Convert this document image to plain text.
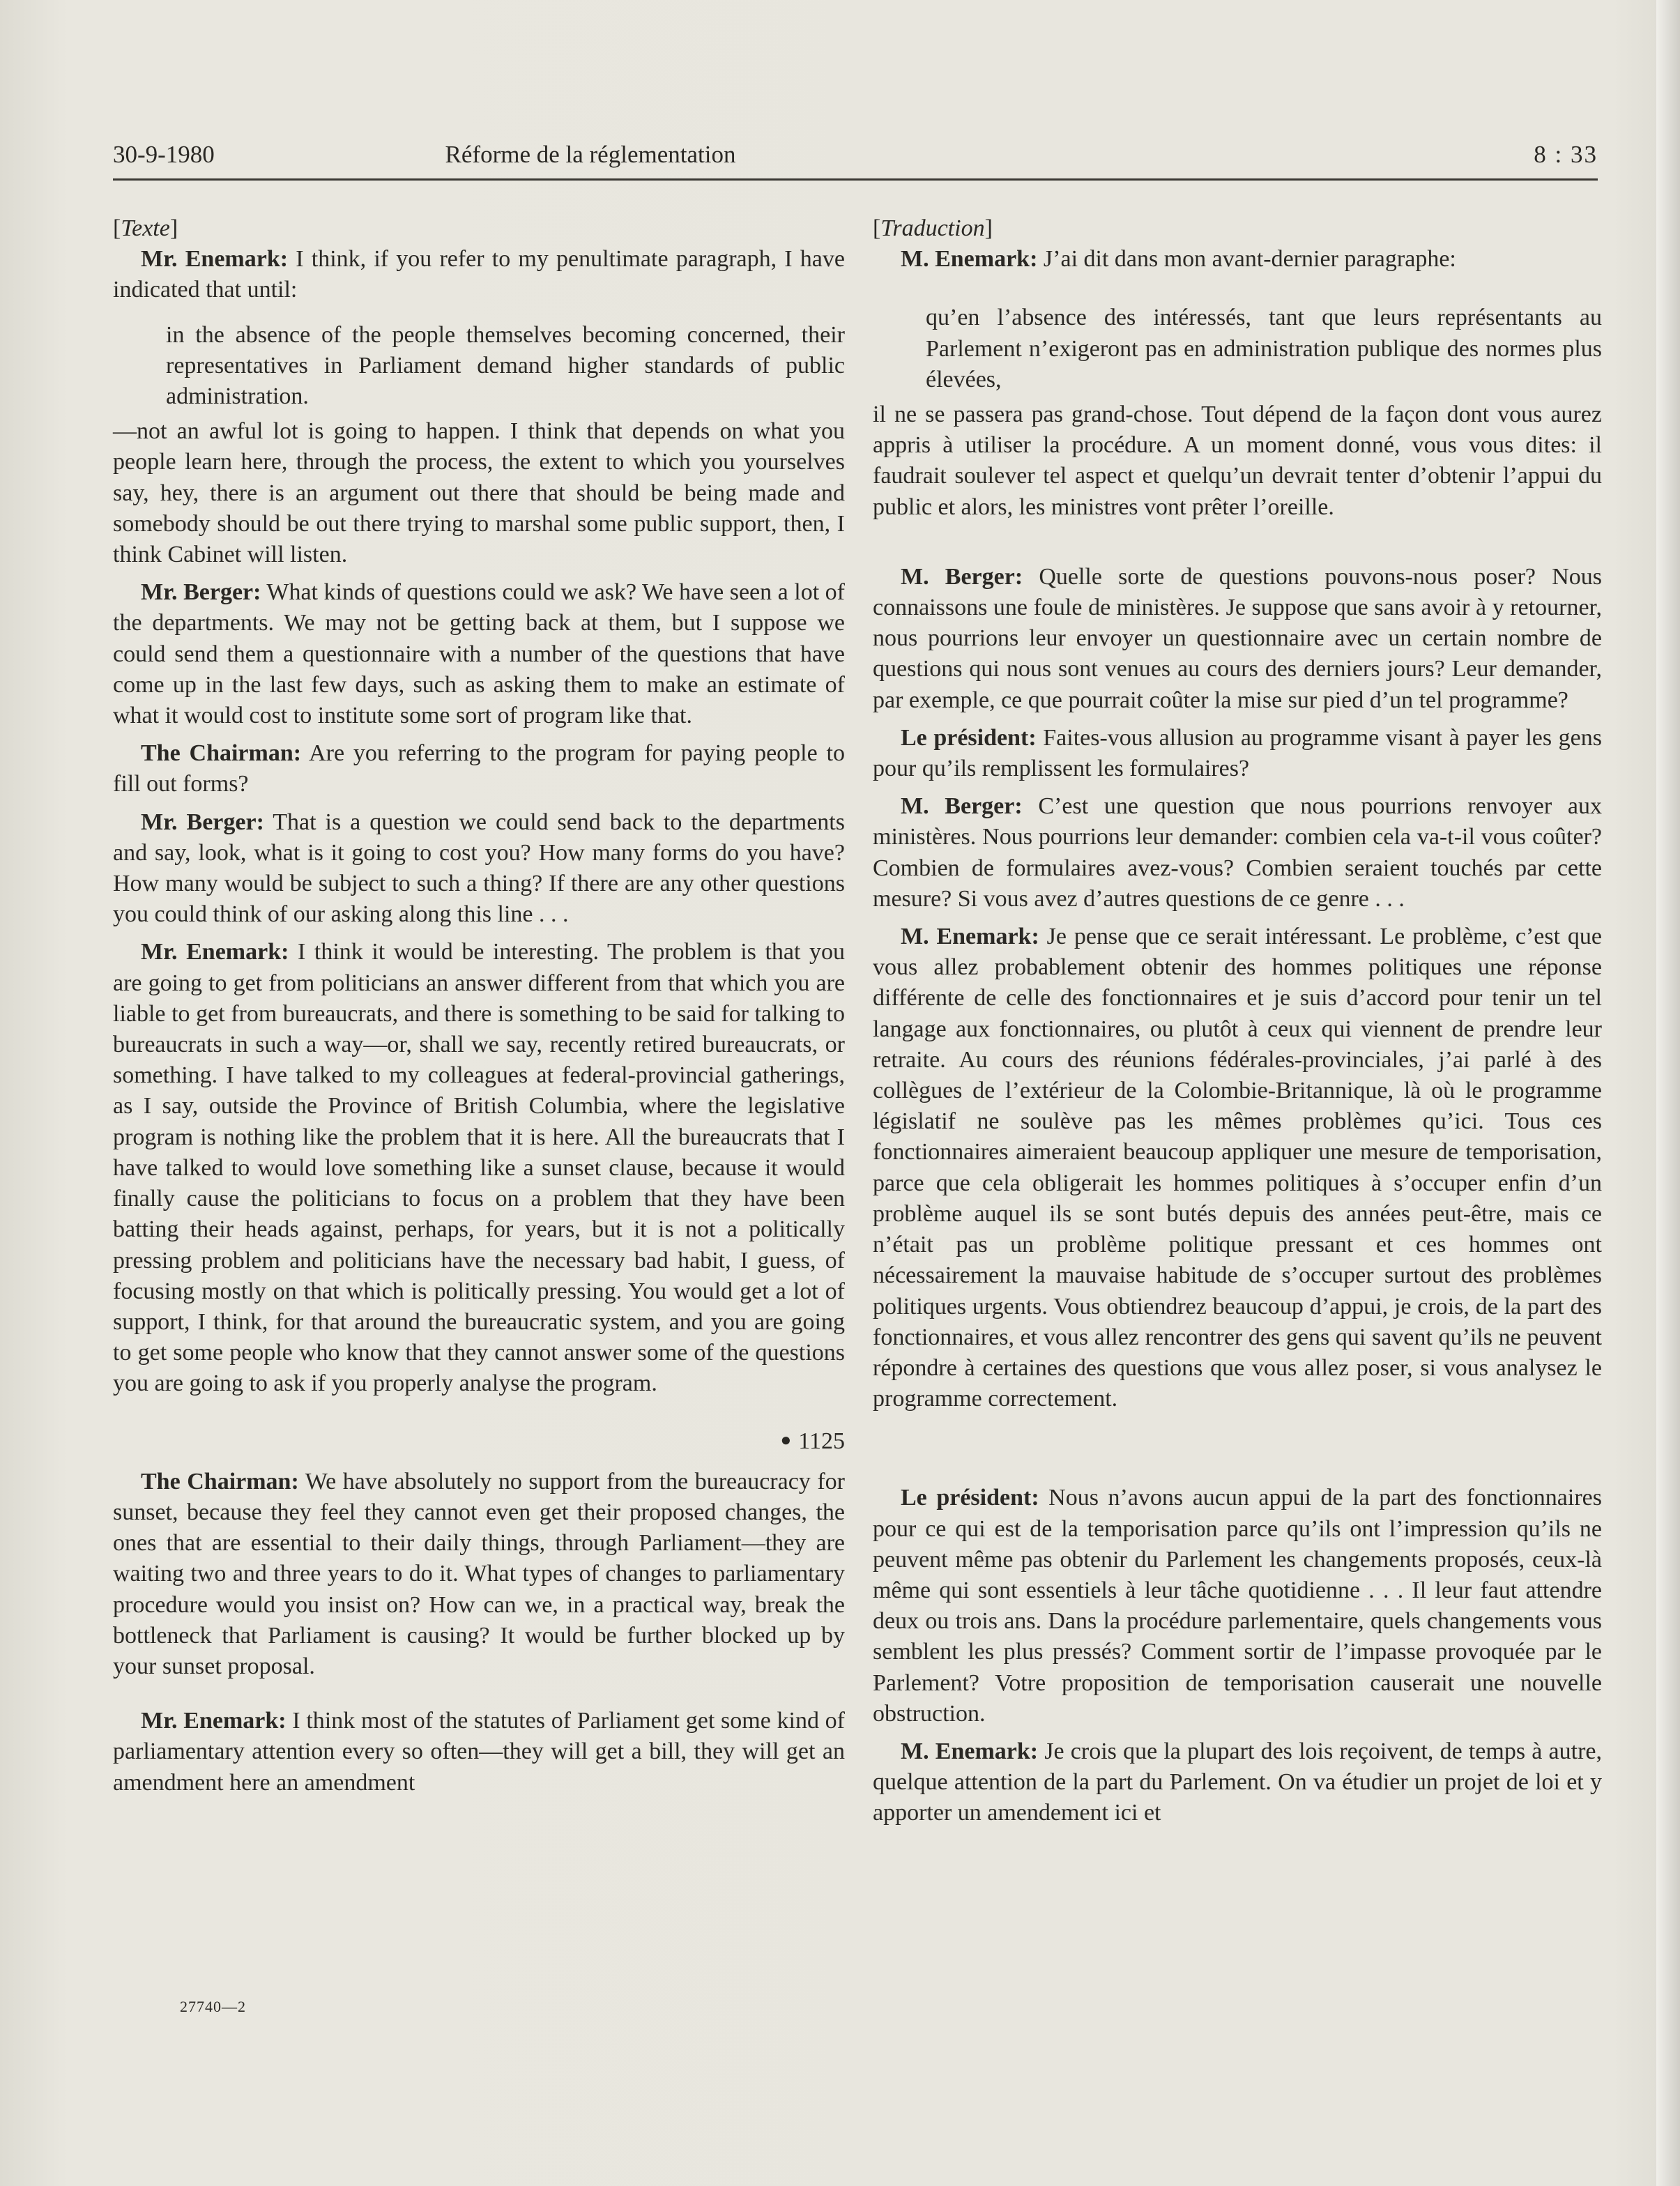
30-9-1980	Réforme de la réglementation	8 : 33
[Texte]

Mr. Enemark: I think, if you refer to my penultimate paragraph, I have indicated that until:

in the absence of the people themselves becoming concerned, their representatives in Parliament demand higher standards of public administration.

—not an awful lot is going to happen. I think that depends on what you people learn here, through the process, the extent to which you yourselves say, hey, there is an argument out there that should be being made and somebody should be out there trying to marshal some public support, then, I think Cabinet will listen.

Mr. Berger: What kinds of questions could we ask? We have seen a lot of the departments. We may not be getting back at them, but I suppose we could send them a questionnaire with a number of the questions that have come up in the last few days, such as asking them to make an estimate of what it would cost to institute some sort of program like that.

The Chairman: Are you referring to the program for paying people to fill out forms?

Mr. Berger: That is a question we could send back to the departments and say, look, what is it going to cost you? How many forms do you have? How many would be subject to such a thing? If there are any other questions you could think of our asking along this line . . .

Mr. Enemark: I think it would be interesting. The problem is that you are going to get from politicians an answer different from that which you are liable to get from bureaucrats, and there is something to be said for talking to bureaucrats in such a way—or, shall we say, recently retired bureaucrats, or something. I have talked to my colleagues at federal-provincial gatherings, as I say, outside the Province of British Columbia, where the legislative program is nothing like the problem that it is here. All the bureaucrats that I have talked to would love something like a sunset clause, because it would finally cause the politicians to focus on a problem that they have been batting their heads against, perhaps, for years, but it is not a politically pressing problem and politicians have the necessary bad habit, I guess, of focusing mostly on that which is politically pressing. You would get a lot of support, I think, for that around the bureaucratic system, and you are going to get some people who know that they cannot answer some of the questions you are going to ask if you properly analyse the program.

● 1125

The Chairman: We have absolutely no support from the bureaucracy for sunset, because they feel they cannot even get their proposed changes, the ones that are essential to their daily things, through Parliament—they are waiting two and three years to do it. What types of changes to parliamentary procedure would you insist on? How can we, in a practical way, break the bottleneck that Parliament is causing? It would be further blocked up by your sunset proposal.

Mr. Enemark: I think most of the statutes of Parliament get some kind of parliamentary attention every so often—they will get a bill, they will get an amendment here an amendment

[Traduction]

M. Enemark: J’ai dit dans mon avant-dernier paragraphe:

qu’en l’absence des intéressés, tant que leurs représentants au Parlement n’exigeront pas en administration publique des normes plus élevées,

il ne se passera pas grand-chose. Tout dépend de la façon dont vous aurez appris à utiliser la procédure. A un moment donné, vous vous dites: il faudrait soulever tel aspect et quelqu’un devrait tenter d’obtenir l’appui du public et alors, les ministres vont prêter l’oreille.

M. Berger: Quelle sorte de questions pouvons-nous poser? Nous connaissons une foule de ministères. Je suppose que sans avoir à y retourner, nous pourrions leur envoyer un questionnaire avec un certain nombre de questions qui nous sont venues au cours des derniers jours? Leur demander, par exemple, ce que pourrait coûter la mise sur pied d’un tel programme?

Le président: Faites-vous allusion au programme visant à payer les gens pour qu’ils remplissent les formulaires?

M. Berger: C’est une question que nous pourrions renvoyer aux ministères. Nous pourrions leur demander: combien cela va-t-il vous coûter? Combien de formulaires avez-vous? Combien seraient touchés par cette mesure? Si vous avez d’autres questions de ce genre . . .

M. Enemark: Je pense que ce serait intéressant. Le problème, c’est que vous allez probablement obtenir des hommes politiques une réponse différente de celle des fonctionnaires et je suis d’accord pour tenir un tel langage aux fonctionnaires, ou plutôt à ceux qui viennent de prendre leur retraite. Au cours des réunions fédérales-provinciales, j’ai parlé à des collègues de l’extérieur de la Colombie-Britannique, là où le programme législatif ne soulève pas les mêmes problèmes qu’ici. Tous ces fonctionnaires aimeraient beaucoup appliquer une mesure de temporisation, parce que cela obligerait les hommes politiques à s’occuper enfin d’un problème auquel ils se sont butés depuis des années peut-être, mais ce n’était pas un problème politique pressant et ces hommes ont nécessairement la mauvaise habitude de s’occuper surtout des problèmes politiques urgents. Vous obtiendrez beaucoup d’appui, je crois, de la part des fonctionnaires, et vous allez rencontrer des gens qui savent qu’ils ne peuvent répondre à certaines des questions que vous allez poser, si vous analysez le programme correctement.

Le président: Nous n’avons aucun appui de la part des fonctionnaires pour ce qui est de la temporisation parce qu’ils ont l’impression qu’ils ne peuvent même pas obtenir du Parlement les changements proposés, ceux-là même qui sont essentiels à leur tâche quotidienne . . . Il leur faut attendre deux ou trois ans. Dans la procédure parlementaire, quels changements vous semblent les plus pressés? Comment sortir de l’impasse provoquée par le Parlement? Votre proposition de temporisation causerait une nouvelle obstruction.

M. Enemark: Je crois que la plupart des lois reçoivent, de temps à autre, quelque attention de la part du Parlement. On va étudier un projet de loi et y apporter un amendement ici et

27740—2
